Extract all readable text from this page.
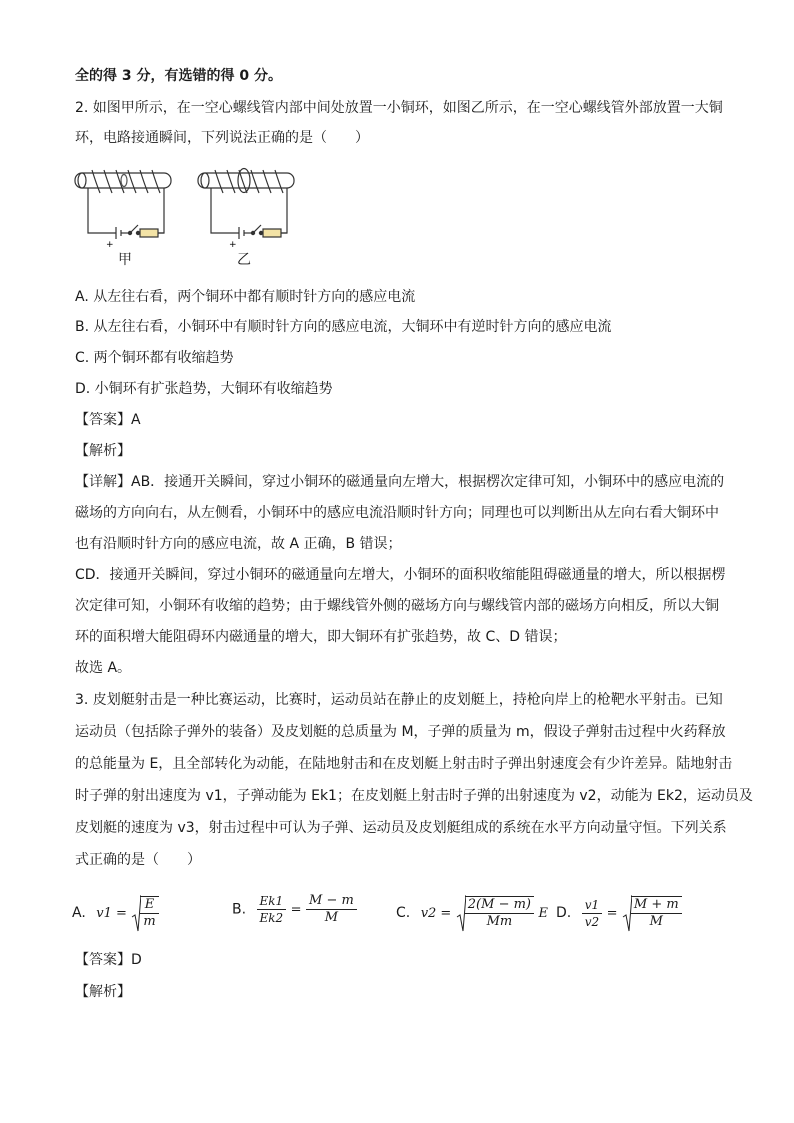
全的得 3 分，有选错的得 0 分。
2. 如图甲所示，在一空心螺线管内部中间处放置一小铜环，如图乙所示，在一空心螺线管外部放置一大铜
环，电路接通瞬间，下列说法正确的是（　　）
+	+
甲	乙
A. 从左往右看，两个铜环中都有顺时针方向的感应电流
B. 从左往右看，小铜环中有顺时针方向的感应电流，大铜环中有逆时针方向的感应电流
C. 两个铜环都有收缩趋势
D. 小铜环有扩张趋势，大铜环有收缩趋势
【答案】A
【解析】
【详解】AB．接通开关瞬间，穿过小铜环的磁通量向左增大，根据楞次定律可知，小铜环中的感应电流的
磁场的方向向右，从左侧看，小铜环中的感应电流沿顺时针方向；同理也可以判断出从左向右看大铜环中
也有沿顺时针方向的感应电流，故 A 正确，B 错误；
CD．接通开关瞬间，穿过小铜环的磁通量向左增大，小铜环的面积收缩能阻碍磁通量的增大，所以根据楞
次定律可知，小铜环有收缩的趋势；由于螺线管外侧的磁场方向与螺线管内部的磁场方向相反，所以大铜
环的面积增大能阻碍环内磁通量的增大，即大铜环有扩张趋势，故 C、D 错误；
故选 A。
3. 皮划艇射击是一种比赛运动，比赛时，运动员站在静止的皮划艇上，持枪向岸上的枪靶水平射击。已知
运动员（包括除子弹外的装备）及皮划艇的总质量为 M，子弹的质量为 m，假设子弹射击过程中火药释放
的总能量为 E，且全部转化为动能，在陆地射击和在皮划艇上射击时子弹出射速度会有少许差异。陆地射击
时子弹的射出速度为 v1，子弹动能为 Ek1；在皮划艇上射击时子弹的出射速度为 v2，动能为 Ek2，运动员及
皮划艇的速度为 v3，射击过程中可认为子弹、运动员及皮划艇组成的系统在水平方向动量守恒。下列关系
式正确的是（　　）
A. $v1 = \frac{E}{m}$	B. $\frac{Ek1}{Ek2} = \frac{M - m}{M}$	C. $v2 = \frac{2(M - m)}{Mm}$ E D. $\frac{v1}{v2} = \frac{M + m}{M}$
【答案】D
【解析】
